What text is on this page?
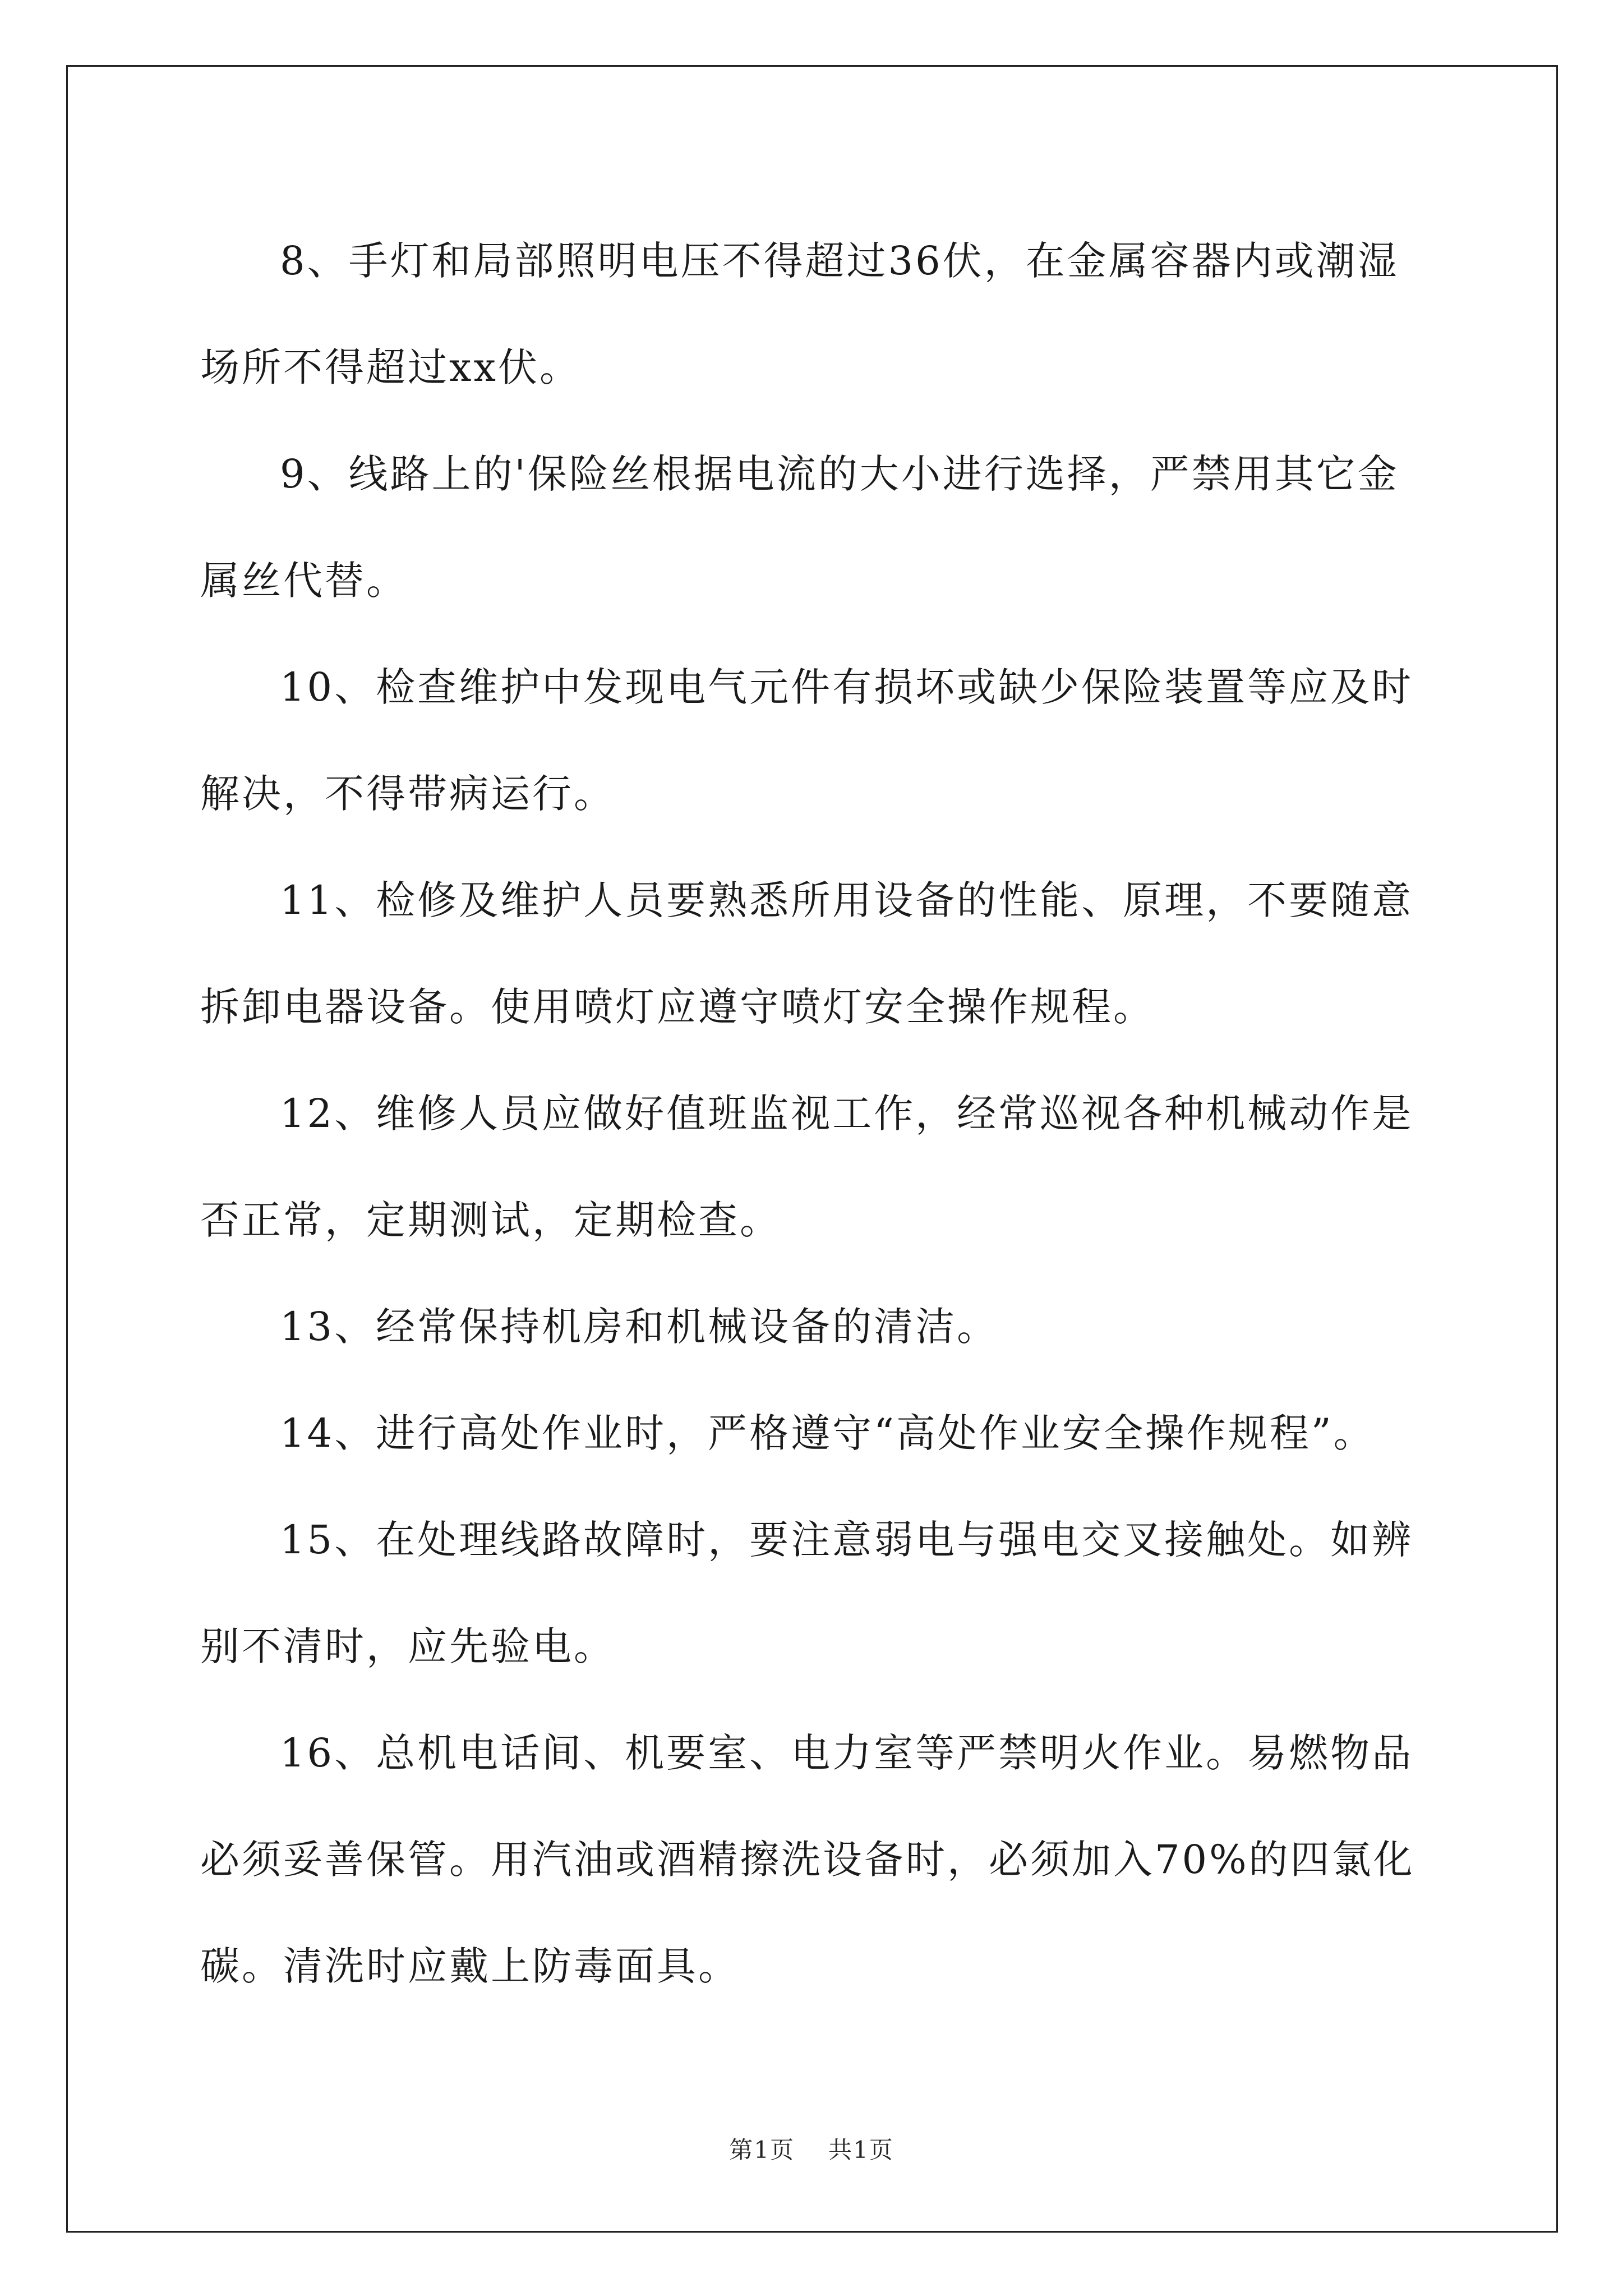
8、手灯和局部照明电压不得超过36伏，在金属容器内或潮湿场所不得超过xx伏。

9、线路上的'保险丝根据电流的大小进行选择，严禁用其它金属丝代替。

10、检查维护中发现电气元件有损坏或缺少保险装置等应及时解决，不得带病运行。

11、检修及维护人员要熟悉所用设备的性能、原理，不要随意拆卸电器设备。使用喷灯应遵守喷灯安全操作规程。

12、维修人员应做好值班监视工作，经常巡视各种机械动作是否正常，定期测试，定期检查。

13、经常保持机房和机械设备的清洁。

14、进行高处作业时，严格遵守“高处作业安全操作规程”。

15、在处理线路故障时，要注意弱电与强电交叉接触处。如辨别不清时，应先验电。

16、总机电话间、机要室、电力室等严禁明火作业。易燃物品必须妥善保管。用汽油或酒精擦洗设备时，必须加入70%的四氯化碳。清洗时应戴上防毒面具。

第1页 共1页
